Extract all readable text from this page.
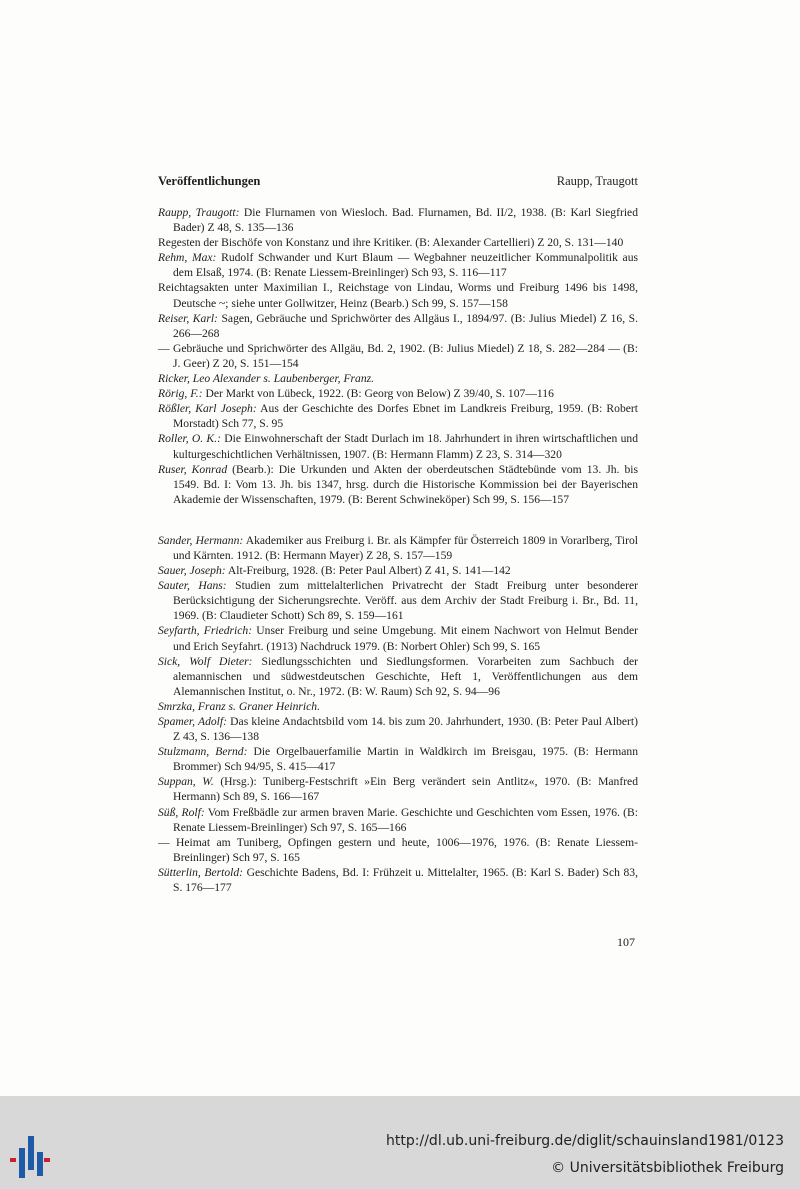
Veröffentlichungen	Raupp, Traugott

Raupp, Traugott: Die Flurnamen von Wiesloch. Bad. Flurnamen, Bd. II/2, 1938. (B: Karl Siegfried Bader) Z 48, S. 135—136

Regesten der Bischöfe von Konstanz und ihre Kritiker. (B: Alexander Cartellieri) Z 20, S. 131—140

Rehm, Max: Rudolf Schwander und Kurt Blaum — Wegbahner neuzeitlicher Kommunalpolitik aus dem Elsaß, 1974. (B: Renate Liessem-Breinlinger) Sch 93, S. 116—117

Reichtagsakten unter Maximilian I., Reichstage von Lindau, Worms und Freiburg 1496 bis 1498, Deutsche ~; siehe unter Gollwitzer, Heinz (Bearb.) Sch 99, S. 157—158

Reiser, Karl: Sagen, Gebräuche und Sprichwörter des Allgäus I., 1894/97. (B: Julius Miedel) Z 16, S. 266—268

— Gebräuche und Sprichwörter des Allgäu, Bd. 2, 1902. (B: Julius Miedel) Z 18, S. 282—284 — (B: J. Geer) Z 20, S. 151—154

Ricker, Leo Alexander s. Laubenberger, Franz.

Rörig, F.: Der Markt von Lübeck, 1922. (B: Georg von Below) Z 39/40, S. 107—116

Rößler, Karl Joseph: Aus der Geschichte des Dorfes Ebnet im Landkreis Freiburg, 1959. (B: Robert Morstadt) Sch 77, S. 95

Roller, O. K.: Die Einwohnerschaft der Stadt Durlach im 18. Jahrhundert in ihren wirtschaftlichen und kulturgeschichtlichen Verhältnissen, 1907. (B: Hermann Flamm) Z 23, S. 314—320

Ruser, Konrad (Bearb.): Die Urkunden und Akten der oberdeutschen Städtebünde vom 13. Jh. bis 1549. Bd. I: Vom 13. Jh. bis 1347, hrsg. durch die Historische Kommission bei der Bayerischen Akademie der Wissenschaften, 1979. (B: Berent Schwineköper) Sch 99, S. 156—157

Sander, Hermann: Akademiker aus Freiburg i. Br. als Kämpfer für Österreich 1809 in Vorarlberg, Tirol und Kärnten. 1912. (B: Hermann Mayer) Z 28, S. 157—159

Sauer, Joseph: Alt-Freiburg, 1928. (B: Peter Paul Albert) Z 41, S. 141—142

Sauter, Hans: Studien zum mittelalterlichen Privatrecht der Stadt Freiburg unter besonderer Berücksichtigung der Sicherungsrechte. Veröff. aus dem Archiv der Stadt Freiburg i. Br., Bd. 11, 1969. (B: Claudieter Schott) Sch 89, S. 159—161

Seyfarth, Friedrich: Unser Freiburg und seine Umgebung. Mit einem Nachwort von Helmut Bender und Erich Seyfahrt. (1913) Nachdruck 1979. (B: Norbert Ohler) Sch 99, S. 165

Sick, Wolf Dieter: Siedlungsschichten und Siedlungsformen. Vorarbeiten zum Sachbuch der alemannischen und südwestdeutschen Geschichte, Heft 1, Veröffentlichungen aus dem Alemannischen Institut, o. Nr., 1972. (B: W. Raum) Sch 92, S. 94—96

Smrzka, Franz s. Graner Heinrich.

Spamer, Adolf: Das kleine Andachtsbild vom 14. bis zum 20. Jahrhundert, 1930. (B: Peter Paul Albert) Z 43, S. 136—138

Stulzmann, Bernd: Die Orgelbauerfamilie Martin in Waldkirch im Breisgau, 1975. (B: Hermann Brommer) Sch 94/95, S. 415—417

Suppan, W. (Hrsg.): Tuniberg-Festschrift »Ein Berg verändert sein Antlitz«, 1970. (B: Manfred Hermann) Sch 89, S. 166—167

Süß, Rolf: Vom Freßbädle zur armen braven Marie. Geschichte und Geschichten vom Essen, 1976. (B: Renate Liessem-Breinlinger) Sch 97, S. 165—166

— Heimat am Tuniberg, Opfingen gestern und heute, 1006—1976, 1976. (B: Renate Liessem-Breinlinger) Sch 97, S. 165

Sütterlin, Bertold: Geschichte Badens, Bd. I: Frühzeit u. Mittelalter, 1965. (B: Karl S. Bader) Sch 83, S. 176—177

107
http://dl.ub.uni-freiburg.de/diglit/schauinsland1981/0123
© Universitätsbibliothek Freiburg
